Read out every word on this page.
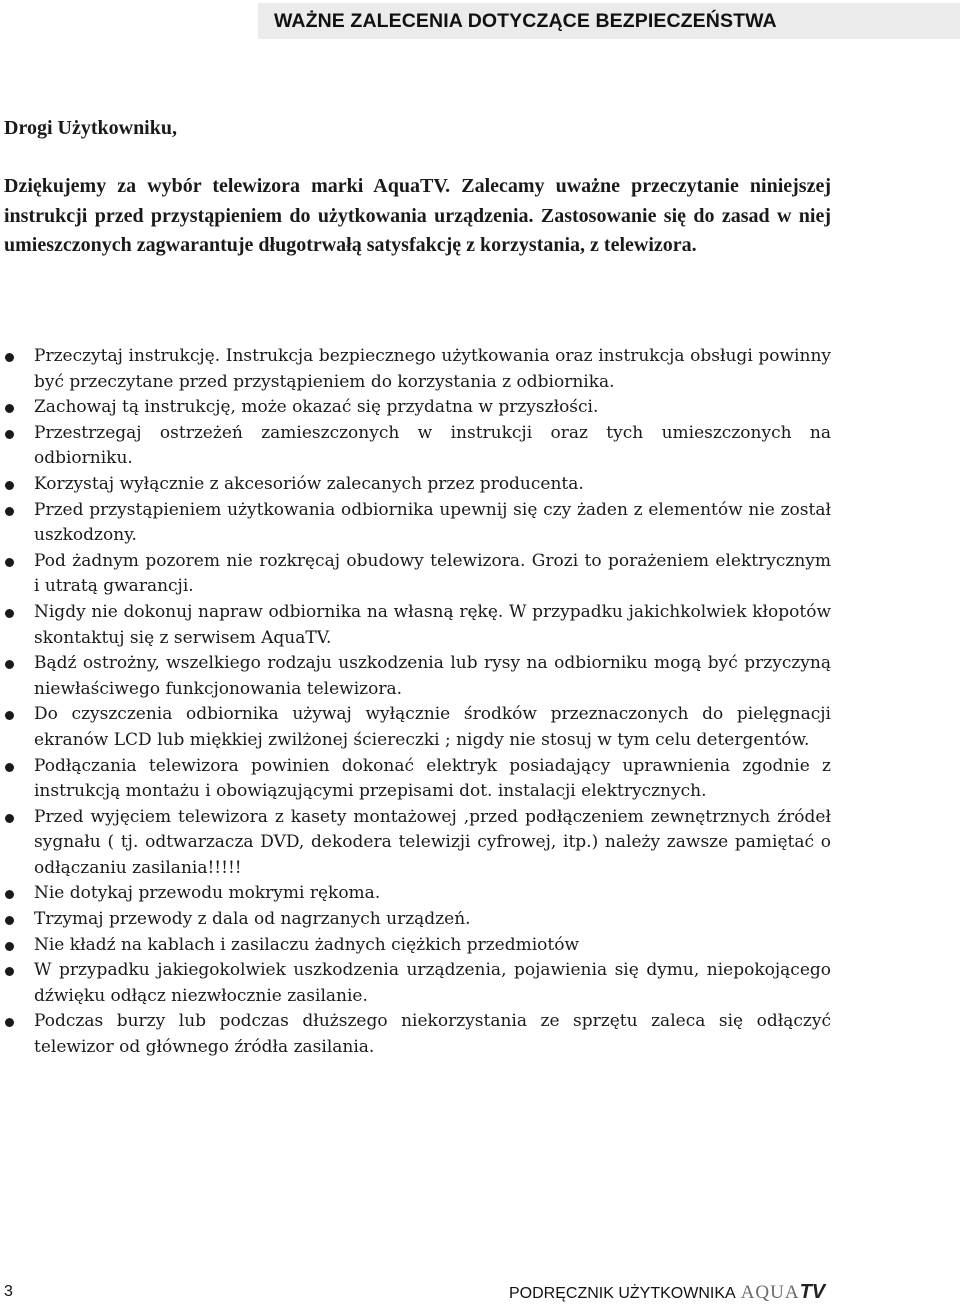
WAŻNE ZALECENIA DOTYCZĄCE BEZPIECZEŃSTWA

Drogi Użytkowniku,

Dziękujemy za wybór telewizora marki AquaTV. Zalecamy uważne przeczytanie niniejszej instrukcji przed przystąpieniem do użytkowania urządzenia. Zastosowanie się do zasad w niej umieszczonych zagwarantuje długotrwałą satysfakcję z korzystania, z telewizora.

Przeczytaj instrukcję. Instrukcja bezpiecznego użytkowania oraz instrukcja obsługi powinny być przeczytane przed przystąpieniem do korzystania z odbiornika.
Zachowaj tą instrukcję, może okazać się przydatna w przyszłości.
Przestrzegaj ostrzeżeń zamieszczonych w instrukcji oraz tych umieszczonych na odbiorniku.
Korzystaj wyłącznie z akcesoriów zalecanych przez producenta.
Przed przystąpieniem użytkowania odbiornika upewnij się czy żaden z elementów nie został uszkodzony.
Pod żadnym pozorem nie rozkręcaj obudowy telewizora. Grozi to porażeniem elektrycznym i utratą gwarancji.
Nigdy nie dokonuj napraw odbiornika na własną rękę. W przypadku jakichkolwiek kłopotów skontaktuj się z serwisem AquaTV.
Bądź ostrożny, wszelkiego rodzaju uszkodzenia lub rysy na odbiorniku mogą być przyczyną niewłaściwego funkcjonowania telewizora.
Do czyszczenia odbiornika używaj wyłącznie środków przeznaczonych do pielęgnacji ekranów LCD lub miękkiej zwilżonej ściereczki ; nigdy nie stosuj w tym celu detergentów.
Podłączania telewizora powinien dokonać elektryk posiadający uprawnienia zgodnie z instrukcją montażu i obowiązującymi przepisami dot. instalacji elektrycznych.
Przed wyjęciem telewizora z kasety montażowej ,przed podłączeniem zewnętrznych źródeł sygnału ( tj. odtwarzacza DVD, dekodera telewizji cyfrowej, itp.) należy zawsze pamiętać o odłączaniu zasilania!!!!!
Nie dotykaj przewodu mokrymi rękoma.
Trzymaj przewody z dala od nagrzanych urządzeń.
Nie kładź na kablach i zasilaczu żadnych ciężkich przedmiotów
W przypadku jakiegokolwiek uszkodzenia urządzenia, pojawienia się dymu, niepokojącego dźwięku odłącz niezwłocznie zasilanie.
Podczas burzy lub podczas dłuższego niekorzystania ze sprzętu zaleca się odłączyć telewizor od głównego źródła zasilania.
3	PODRĘCZNIK UŻYTKOWNIKA AQUA TV
